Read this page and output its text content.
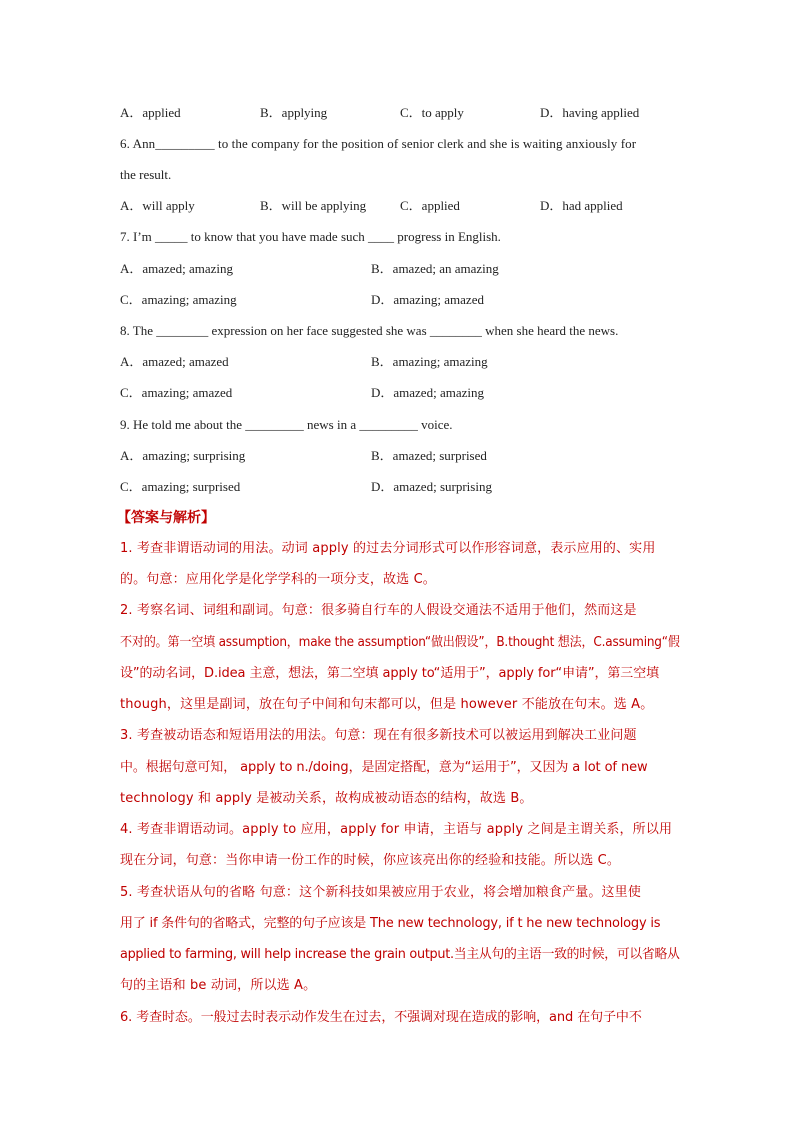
A．applied	B．applying	C．to apply	D．having applied
6. Ann_________ to the company for the position of senior clerk and she is waiting anxiously for
the result.
A．will apply	B．will be applying	C．applied	D．had applied
7. I’m _____ to know that you have made such ____ progress in English.
A．amazed; amazing	B．amazed; an amazing
C．amazing; amazing	D．amazing; amazed
8. The ________ expression on her face suggested she was ________ when she heard the news.
A．amazed; amazed	B．amazing; amazing
C．amazing; amazed	D．amazed; amazing
9. He told me about the _________ news in a _________ voice.
A．amazing; surprising	B．amazed; surprised
C．amazing; surprised	D．amazed; surprising
【答案与解析】
1. 考查非谓语动词的用法。动词 apply 的过去分词形式可以作形容词意，表示应用的、实用
的。句意：应用化学是化学学科的一项分支，故选 C。
2. 考察名词、词组和副词。句意：很多骑自行车的人假设交通法不适用于他们，然而这是
不对的。第一空填 assumption，make the assumption“做出假设”，B.thought 想法，C.assuming“假
设”的动名词，D.idea 主意，想法，第二空填 apply to“适用于”，apply for“申请”，第三空填
though，这里是副词，放在句子中间和句末都可以，但是 however 不能放在句末。选 A。
3. 考查被动语态和短语用法的用法。句意：现在有很多新技术可以被运用到解决工业问题
中。根据句意可知， apply to n./doing，是固定搭配，意为“运用于”，又因为 a lot of new
technology 和 apply 是被动关系，故构成被动语态的结构，故选 B。
4. 考查非谓语动词。apply to 应用，apply for 申请，主语与 apply 之间是主谓关系，所以用
现在分词，句意：当你申请一份工作的时候，你应该亮出你的经验和技能。所以选 C。
5. 考查状语从句的省略 句意：这个新科技如果被应用于农业，将会增加粮食产量。这里使
用了 if 条件句的省略式，完整的句子应该是 The new technology, if t he new technology is
applied to farming, will help increase the grain output.当主从句的主语一致的时候，可以省略从
句的主语和 be 动词，所以选 A。
6. 考查时态。一般过去时表示动作发生在过去，不强调对现在造成的影响，and 在句子中不
